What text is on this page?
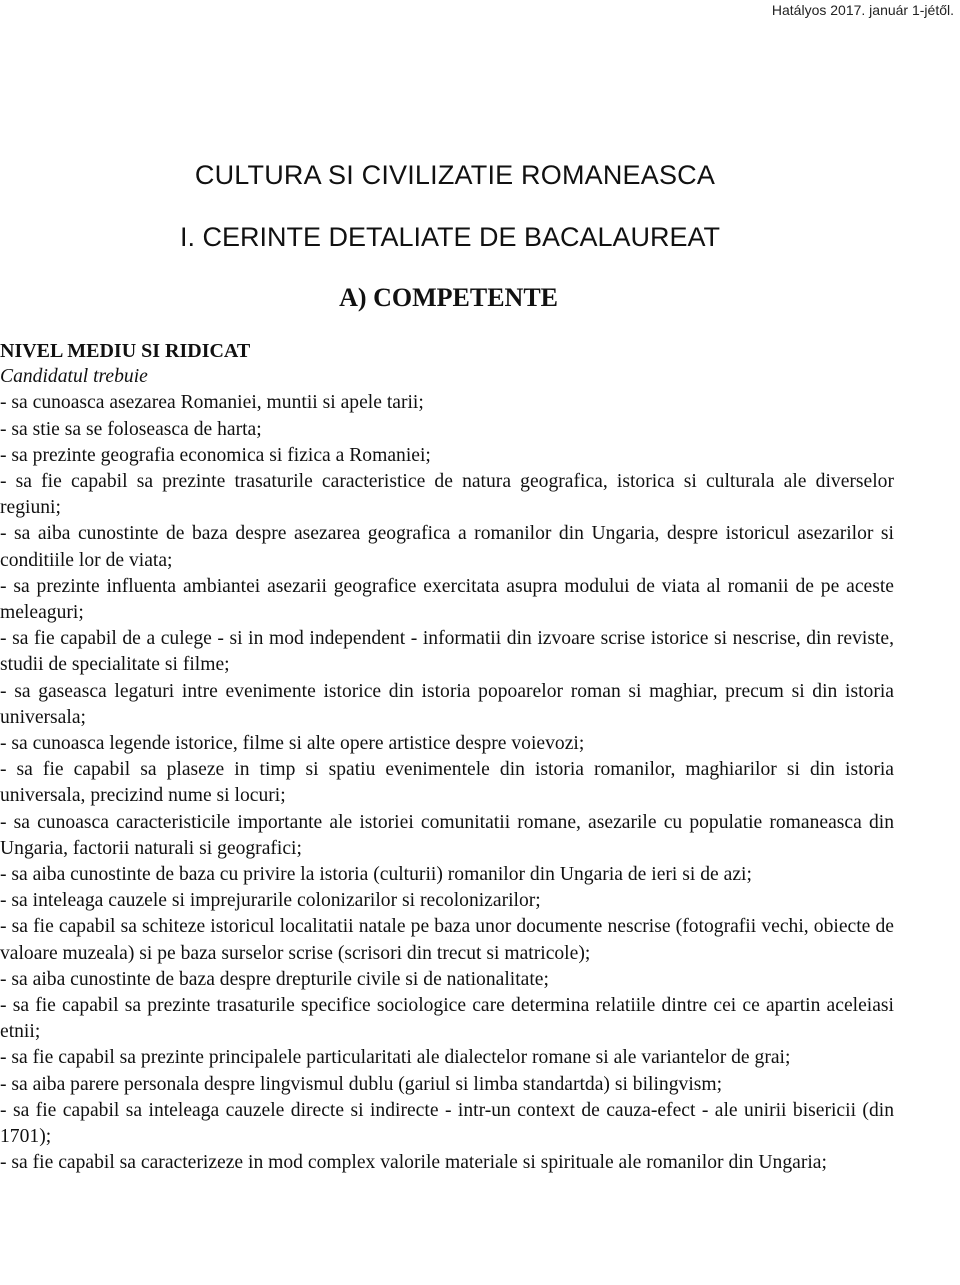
Hatályos 2017. január 1-jétől.
CULTURA SI CIVILIZATIE ROMANEASCA
I. CERINTE DETALIATE DE BACALAUREAT
A) COMPETENTE
NIVEL MEDIU SI RIDICAT
Candidatul trebuie
- sa cunoasca asezarea Romaniei, muntii si apele tarii;
- sa stie sa se foloseasca de harta;
- sa prezinte geografia economica si fizica a Romaniei;
- sa fie capabil sa prezinte trasaturile caracteristice de natura geografica, istorica si culturala ale diverselor regiuni;
- sa aiba cunostinte de baza despre asezarea geografica a romanilor din Ungaria, despre istoricul asezarilor si conditiile lor de viata;
- sa prezinte influenta ambiantei asezarii geografice exercitata asupra modului de viata al romanii de pe aceste meleaguri;
- sa fie capabil de a culege - si in mod independent - informatii din izvoare scrise istorice si nescrise, din reviste, studii de specialitate si filme;
- sa gaseasca legaturi intre evenimente istorice din istoria popoarelor roman si maghiar, precum si din istoria universala;
- sa cunoasca legende istorice, filme si alte opere artistice despre voievozi;
- sa fie capabil sa plaseze in timp si spatiu evenimentele din istoria romanilor, maghiarilor si din istoria universala, precizind nume si locuri;
- sa cunoasca caracteristicile importante ale istoriei comunitatii romane, asezarile cu populatie romaneasca din Ungaria, factorii naturali si geografici;
- sa aiba cunostinte de baza cu privire la istoria (culturii) romanilor din Ungaria de ieri si de azi;
- sa inteleaga cauzele si imprejurarile colonizarilor si recolonizarilor;
- sa fie capabil sa schiteze istoricul localitatii natale pe baza unor documente nescrise (fotografii vechi, obiecte de valoare muzeala) si pe baza surselor scrise (scrisori din trecut si matricole);
- sa aiba cunostinte de baza despre drepturile civile si de nationalitate;
- sa fie capabil sa prezinte trasaturile specifice sociologice care determina relatiile dintre cei ce apartin aceleiasi etnii;
- sa fie capabil sa prezinte principalele particularitati ale dialectelor romane si ale variantelor de grai;
- sa aiba parere personala despre lingvismul dublu (gariul si limba standartda) si bilingvism;
- sa fie capabil sa inteleaga cauzele directe si indirecte - intr-un context de cauza-efect - ale unirii bisericii (din 1701);
- sa fie capabil sa caracterizeze in mod complex valorile materiale si spirituale ale romanilor din Ungaria;
